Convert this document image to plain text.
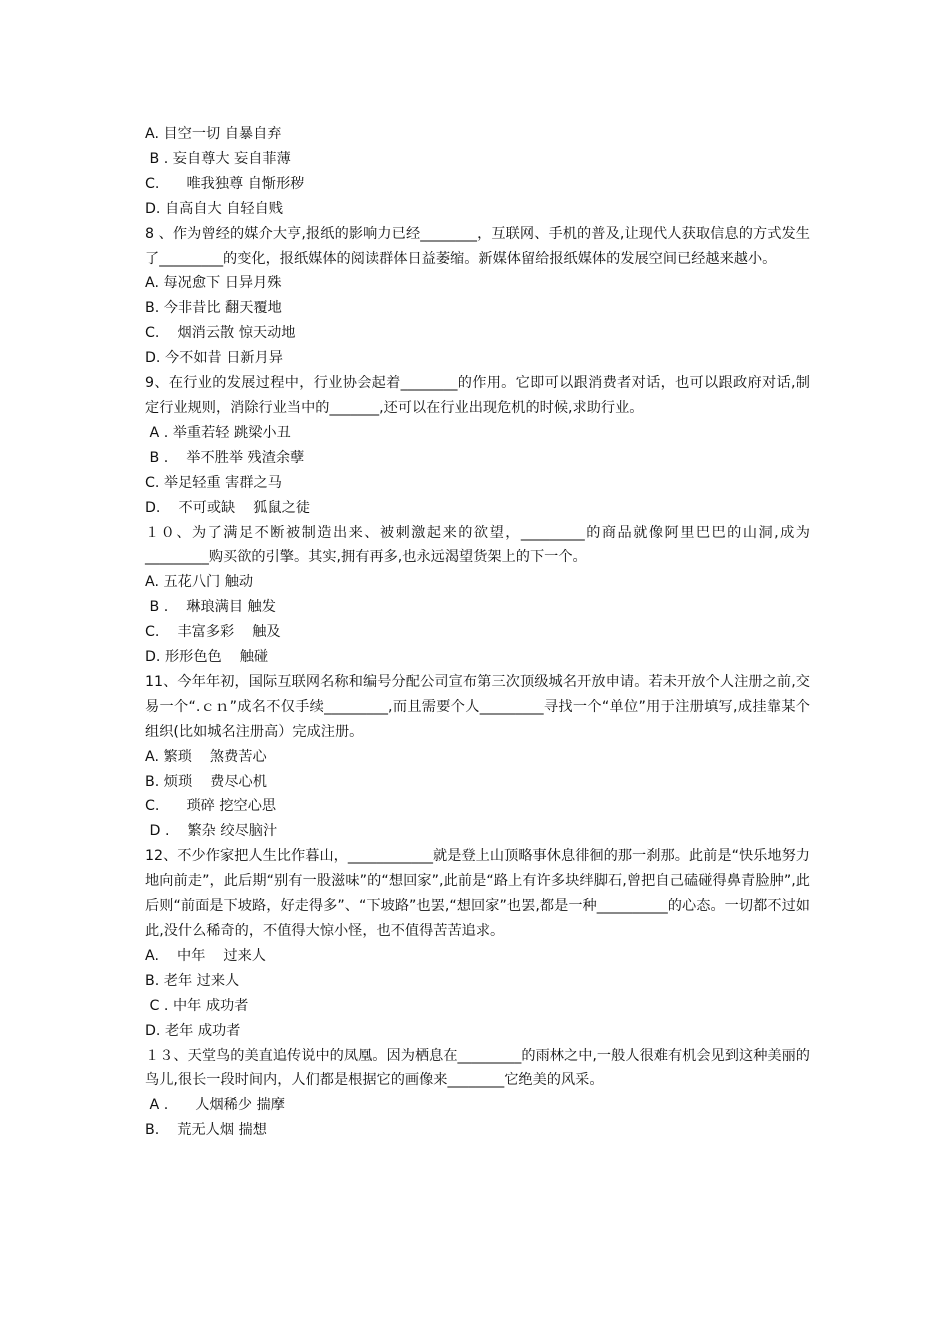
A. 目空一切 自暴自弃

B . 妄自尊大 妄自菲薄

C.      唯我独尊 自惭形秽

D. 自高自大 自轻自贱

8 、作为曾经的媒介大亨,报纸的影响力已经________，互联网、手机的普及,让现代人获取信息的方式发生了_________的变化，报纸媒体的阅读群体日益萎缩。新媒体留给报纸媒体的发展空间已经越来越小。

A. 每况愈下 日异月殊

B. 今非昔比 翻天覆地

C.    烟消云散 惊天动地

D. 今不如昔 日新月异

9、在行业的发展过程中，行业协会起着________的作用。它即可以跟消费者对话，也可以跟政府对话,制定行业规则，消除行业当中的_______,还可以在行业出现危机的时候,求助行业。

A . 举重若轻 跳梁小丑

B .    举不胜举 残渣余孽

C. 举足轻重 害群之马

D.    不可或缺    狐鼠之徒

１０、为了满足不断被制造出来、被刺激起来的欲望，_________的商品就像阿里巴巴的山洞,成为_________购买欲的引擎。其实,拥有再多,也永远渴望货架上的下一个。

A. 五花八门 触动

B .    琳琅满目 触发

C.    丰富多彩    触及

D. 形形色色    触碰

11、今年年初，国际互联网名称和编号分配公司宣布第三次顶级城名开放申请。若未开放个人注册之前,交易一个“.ｃｎ”成名不仅手续_________,而且需要个人_________寻找一个“单位”用于注册填写,成挂靠某个组织(比如城名注册高）完成注册。

A. 繁琐    煞费苦心

B. 烦琐    费尽心机

C.      琐碎 挖空心思

D .    繁杂 绞尽脑汁

12、不少作家把人生比作暮山，____________就是登上山顶略事休息徘徊的那一刹那。此前是“快乐地努力地向前走”，此后期“别有一股滋味”的“想回家”,此前是“路上有许多块绊脚石,曾把自己磕碰得鼻青脸肿”,此后则“前面是下坡路，好走得多”、“下坡路”也罢,“想回家”也罢,都是一种__________的心态。一切都不过如此,没什么稀奇的，不值得大惊小怪，也不值得苦苦追求。

A.    中年    过来人

B. 老年 过来人

C . 中年 成功者

D. 老年 成功者

１３、天堂鸟的美直追传说中的凤凰。因为栖息在_________的雨林之中,一般人很难有机会见到这种美丽的鸟儿,很长一段时间内，人们都是根据它的画像来________它绝美的风采。

A .      人烟稀少 揣摩

B.    荒无人烟 揣想
